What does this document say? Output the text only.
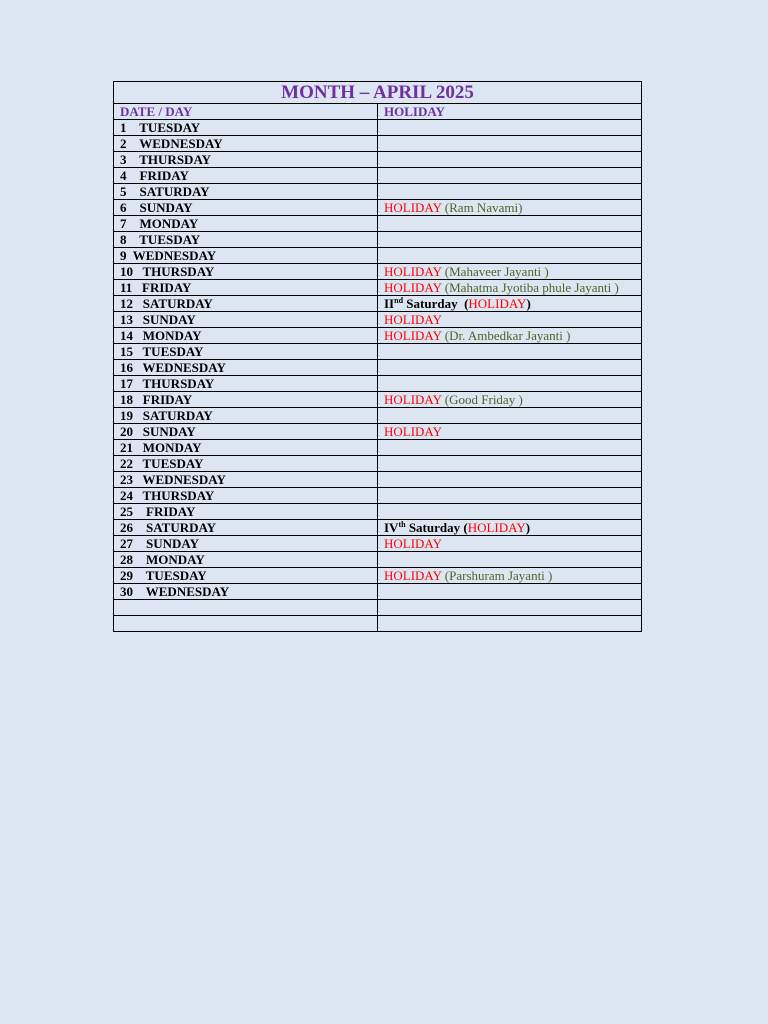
MONTH – APRIL 2025	
DATE / DAY	HOLIDAY
1 TUESDAY	
2 WEDNESDAY	
3 THURSDAY	
4 FRIDAY	
5 SATURDAY	
6 SUNDAY	HOLIDAY (Ram Navami)
7 MONDAY	
8 TUESDAY	
9 WEDNESDAY	
10 THURSDAY	HOLIDAY (Mahaveer Jayanti )
11 FRIDAY	HOLIDAY (Mahatma Jyotiba phule Jayanti )
12 SATURDAY	IInd Saturday  (HOLIDAY)
13 SUNDAY	HOLIDAY
14 MONDAY	HOLIDAY (Dr. Ambedkar Jayanti )
15 TUESDAY	
16 WEDNESDAY	
17 THURSDAY	
18 FRIDAY	HOLIDAY (Good Friday )
19 SATURDAY	
20 SUNDAY	HOLIDAY
21 MONDAY	
22 TUESDAY	
23 WEDNESDAY	
24 THURSDAY	
25 FRIDAY	
26 SATURDAY	IVth Saturday (HOLIDAY)
27 SUNDAY	HOLIDAY
28 MONDAY	
29 TUESDAY	HOLIDAY (Parshuram Jayanti )
30 WEDNESDAY	
